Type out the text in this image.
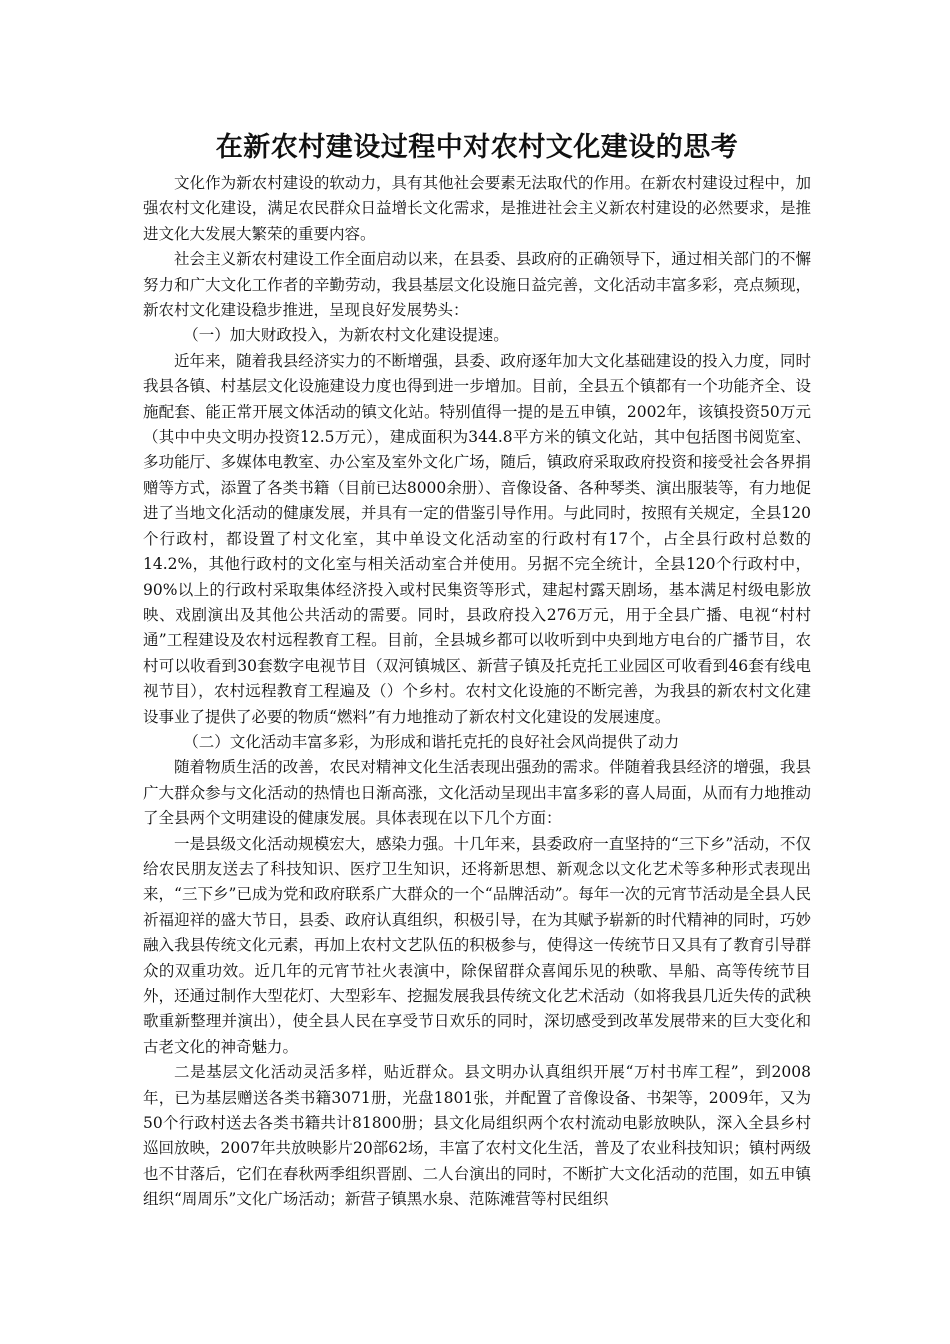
在新农村建设过程中对农村文化建设的思考

文化作为新农村建设的软动力，具有其他社会要素无法取代的作用。在新农村建设过程中，加强农村文化建设，满足农民群众日益增长文化需求，是推进社会主义新农村建设的必然要求，是推进文化大发展大繁荣的重要内容。

社会主义新农村建设工作全面启动以来，在县委、县政府的正确领导下，通过相关部门的不懈努力和广大文化工作者的辛勤劳动，我县基层文化设施日益完善，文化活动丰富多彩，亮点频现，新农村文化建设稳步推进，呈现良好发展势头：

（一）加大财政投入，为新农村文化建设提速。

近年来，随着我县经济实力的不断增强，县委、政府逐年加大文化基础建设的投入力度，同时我县各镇、村基层文化设施建设力度也得到进一步增加。目前，全县五个镇都有一个功能齐全、设施配套、能正常开展文体活动的镇文化站。特别值得一提的是五申镇，2002年，该镇投资50万元（其中中央文明办投资12.5万元），建成面积为344.8平方米的镇文化站，其中包括图书阅览室、多功能厅、多媒体电教室、办公室及室外文化广场，随后，镇政府采取政府投资和接受社会各界捐赠等方式，添置了各类书籍（目前已达8000余册）、音像设备、各种琴类、演出服装等，有力地促进了当地文化活动的健康发展，并具有一定的借鉴引导作用。与此同时，按照有关规定，全县120个行政村，都设置了村文化室，其中单设文化活动室的行政村有17个，占全县行政村总数的14.2%，其他行政村的文化室与相关活动室合并使用。另据不完全统计，全县120个行政村中，90%以上的行政村采取集体经济投入或村民集资等形式，建起村露天剧场，基本满足村级电影放映、戏剧演出及其他公共活动的需要。同时，县政府投入276万元，用于全县广播、电视“村村通”工程建设及农村远程教育工程。目前，全县城乡都可以收听到中央到地方电台的广播节目，农村可以收看到30套数字电视节目（双河镇城区、新营子镇及托克托工业园区可收看到46套有线电视节目），农村远程教育工程遍及（）个乡村。农村文化设施的不断完善，为我县的新农村文化建设事业了提供了必要的物质“燃料”有力地推动了新农村文化建设的发展速度。

（二）文化活动丰富多彩，为形成和谐托克托的良好社会风尚提供了动力

随着物质生活的改善，农民对精神文化生活表现出强劲的需求。伴随着我县经济的增强，我县广大群众参与文化活动的热情也日渐高涨，文化活动呈现出丰富多彩的喜人局面，从而有力地推动了全县两个文明建设的健康发展。具体表现在以下几个方面：

一是县级文化活动规模宏大，感染力强。十几年来，县委政府一直坚持的“三下乡”活动，不仅给农民朋友送去了科技知识、医疗卫生知识，还将新思想、新观念以文化艺术等多种形式表现出来，“三下乡”已成为党和政府联系广大群众的一个“品牌活动”。每年一次的元宵节活动是全县人民祈福迎祥的盛大节日，县委、政府认真组织，积极引导，在为其赋予崭新的时代精神的同时，巧妙融入我县传统文化元素，再加上农村文艺队伍的积极参与，使得这一传统节日又具有了教育引导群众的双重功效。近几年的元宵节社火表演中，除保留群众喜闻乐见的秧歌、旱船、高等传统节目外，还通过制作大型花灯、大型彩车、挖掘发展我县传统文化艺术活动（如将我县几近失传的武秧歌重新整理并演出），使全县人民在享受节日欢乐的同时，深切感受到改革发展带来的巨大变化和古老文化的神奇魅力。

二是基层文化活动灵活多样，贴近群众。县文明办认真组织开展“万村书库工程”，到2008年，已为基层赠送各类书籍3071册，光盘1801张，并配置了音像设备、书架等，2009年，又为50个行政村送去各类书籍共计81800册；县文化局组织两个农村流动电影放映队，深入全县乡村巡回放映，2007年共放映影片20部62场，丰富了农村文化生活，普及了农业科技知识；镇村两级也不甘落后，它们在春秋两季组织晋剧、二人台演出的同时，不断扩大文化活动的范围，如五申镇组织“周周乐”文化广场活动；新营子镇黑水泉、范陈滩营等村民组织
